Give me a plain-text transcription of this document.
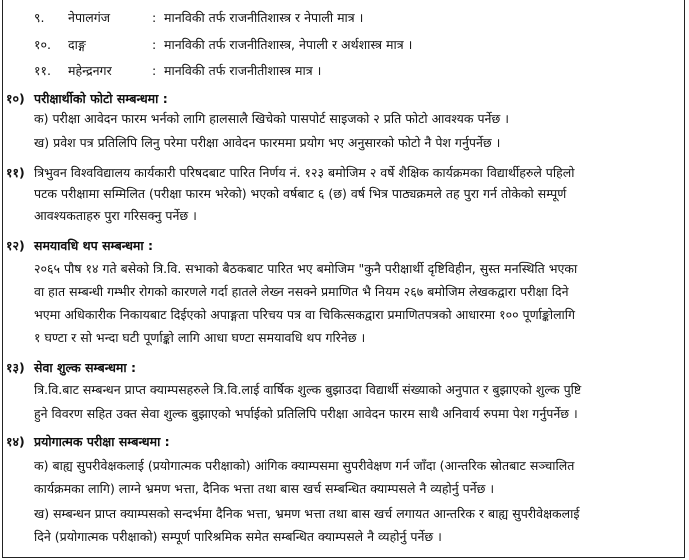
९. नेपालगंज	: मानविकी तर्फ राजनीतिशास्त्र र नेपाली मात्र ।
१०. दाङ्ग	: मानविकी तर्फ राजनीतिशास्त्र, नेपाली र अर्थशास्त्र मात्र ।
११. महेन्द्रनगर	: मानविकी तर्फ राजनीतीशास्त्र मात्र ।
१०) परीक्षार्थीको फोटो सम्बन्धमा :
क) परीक्षा आवेदन फारम भर्नको लागि हालसालै खिचेको पासपोर्ट साइजको २ प्रति फोटो आवश्यक पर्नेछ ।
ख) प्रवेश पत्र प्रतिलिपि लिनु परेमा परीक्षा आवेदन फारममा प्रयोग भए अनुसारको फोटो नै पेश गर्नुपर्नेछ ।
११) त्रिभुवन विश्वविद्यालय कार्यकारी परिषदबाट पारित निर्णय नं. १२३ बमोजिम २ वर्षे शैक्षिक कार्यक्रमका विद्यार्थीहरुले पहिलो
पटक परीक्षामा सम्मिलित (परीक्षा फारम भरेको) भएको वर्षबाट ६ (छ) वर्ष भित्र पाठ्यक्रमले तह पुरा गर्न तोकेको सम्पूर्ण
आवश्यकताहरु पुरा गरिसक्नु पर्नेछ ।
१२) समयावधि थप सम्बन्धमा :
२०६५ पौष १४ गते बसेको त्रि.वि. सभाको बैठकबाट पारित भए बमोजिम "कुनै परीक्षार्थी दृष्टिविहीन, सुस्त मनस्थिति भएका
वा हात सम्बन्धी गम्भीर रोगको कारणले गर्दा हातले लेख्न नसक्ने प्रमाणित भै नियम २६७ बमोजिम लेखकद्वारा परीक्षा दिने
भएमा अधिकारीक निकायबाट दिईएको अपाङ्गता परिचय पत्र वा चिकित्सकद्वारा प्रमाणितपत्रको आधारमा १०० पूर्णाङ्कोलागि
१ घण्टा र सो भन्दा घटी पूर्णाङ्को लागि आधा घण्टा समयावधि थप गरिनेछ ।
१३) सेवा शुल्क सम्बन्धमा :
त्रि.वि.बाट सम्बन्धन प्राप्त क्याम्पसहरुले त्रि.वि.लाई वार्षिक शुल्क बुझाउदा विद्यार्थी संख्याको अनुपात र बुझाएको शुल्क पुष्टि
हुने विवरण सहित उक्त सेवा शुल्क बुझाएको भर्पाईको प्रतिलिपि परीक्षा आवेदन फारम साथै अनिवार्य रुपमा पेश गर्नुपर्नेछ ।
१४) प्रयोगात्मक परीक्षा सम्बन्धमा :
क) बाह्य सुपरीवेक्षकलाई (प्रयोगात्मक परीक्षाको) आंगिक क्याम्पसमा सुपरीवेक्षण गर्न जाँदा (आन्तरिक स्रोतबाट सञ्चालित
कार्यक्रमका लागि) लाग्ने भ्रमण भत्ता, दैनिक भत्ता तथा बास खर्च सम्बन्धित क्याम्पसले नै व्यहोर्नु पर्नेछ ।
ख) सम्बन्धन प्राप्त क्याम्पसको सन्दर्भमा दैनिक भत्ता, भ्रमण भत्ता तथा बास खर्च लगायत आन्तरिक र बाह्य सुपरीवेक्षकलाई
दिने (प्रयोगात्मक परीक्षाको) सम्पूर्ण पारिश्रमिक समेत सम्बन्धित क्याम्पसले नै व्यहोर्नु पर्नेछ ।
